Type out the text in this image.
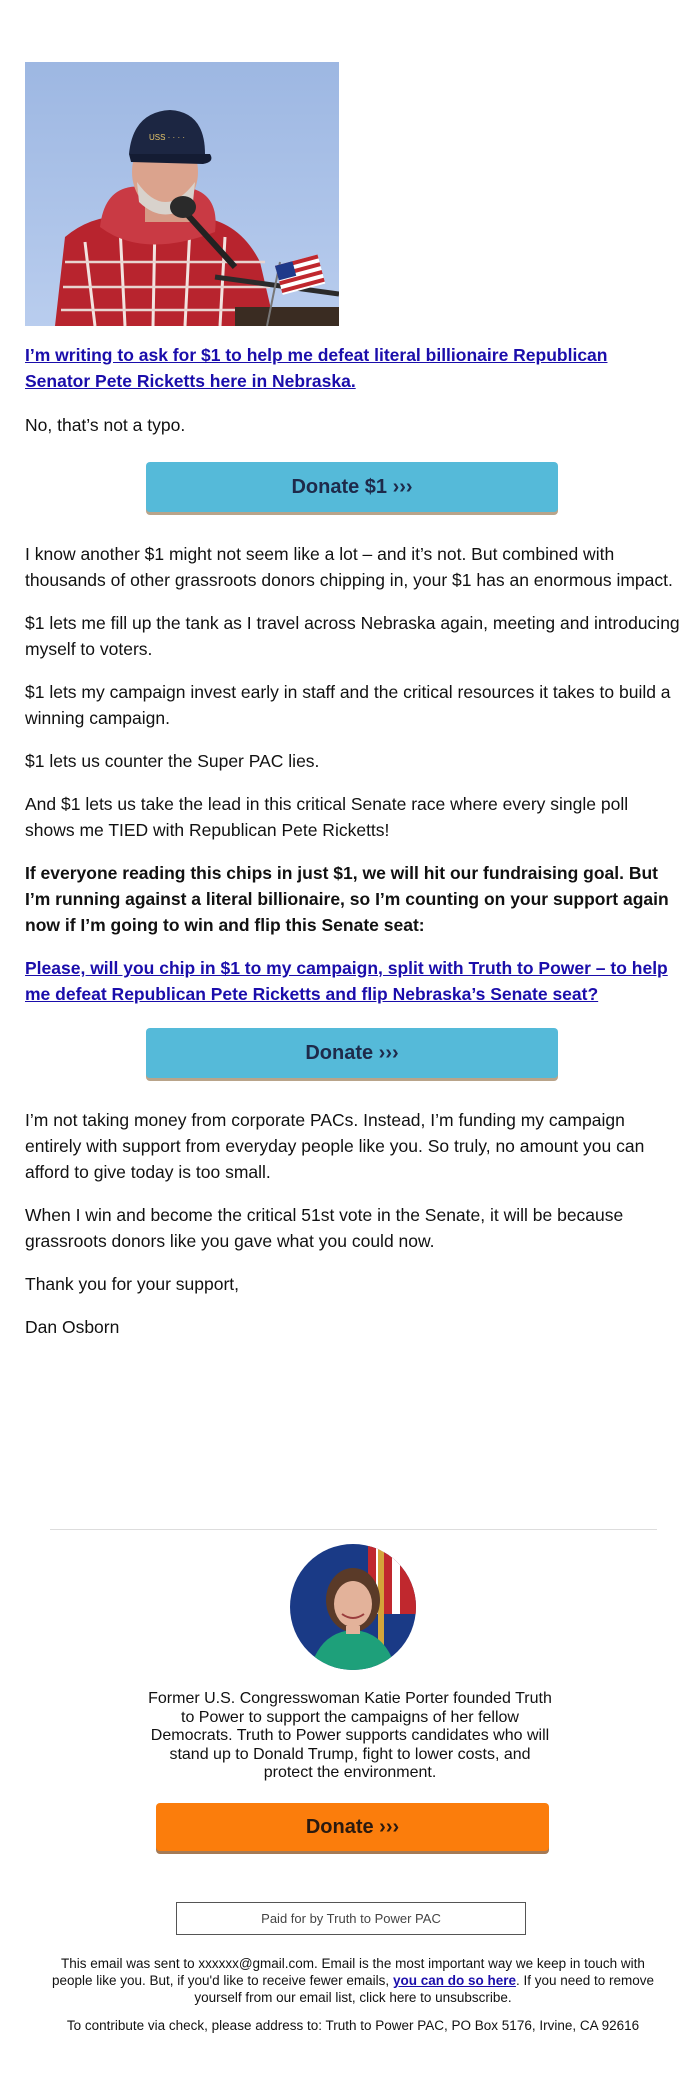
USS · · · ·
I’m writing to ask for $1 to help me defeat literal billionaire Republican Senator Pete Ricketts here in Nebraska.

No, that’s not a typo.

Donate $1 ›››

I know another $1 might not seem like a lot – and it’s not. But combined with thousands of other grassroots donors chipping in, your $1 has an enormous impact.

$1 lets me fill up the tank as I travel across Nebraska again, meeting and introducing myself to voters.

$1 lets my campaign invest early in staff and the critical resources it takes to build a winning campaign.

$1 lets us counter the Super PAC lies.

And $1 lets us take the lead in this critical Senate race where every single poll shows me TIED with Republican Pete Ricketts!

If everyone reading this chips in just $1, we will hit our fundraising goal. But I’m running against a literal billionaire, so I’m counting on your support again now if I’m going to win and flip this Senate seat:

Please, will you chip in $1 to my campaign, split with Truth to Power – to help me defeat Republican Pete Ricketts and flip Nebraska’s Senate seat?
Donate ›››

I’m not taking money from corporate PACs. Instead, I’m funding my campaign entirely with support from everyday people like you. So truly, no amount you can afford to give today is too small.

When I win and become the critical 51st vote in the Senate, it will be because grassroots donors like you gave what you could now.

Thank you for your support,

Dan Osborn

Former U.S. Congresswoman Katie Porter founded Truth to Power to support the campaigns of her fellow Democrats. Truth to Power supports candidates who will stand up to Donald Trump, fight to lower costs, and protect the environment.
Donate ›››
Paid for by Truth to Power PAC
This email was sent to xxxxxx@gmail.com. Email is the most important way we keep in touch with people like you. But, if you'd like to receive fewer emails, you can do so here. If you need to remove yourself from our email list, click here to unsubscribe.
To contribute via check, please address to: Truth to Power PAC, PO Box 5176, Irvine, CA 92616
